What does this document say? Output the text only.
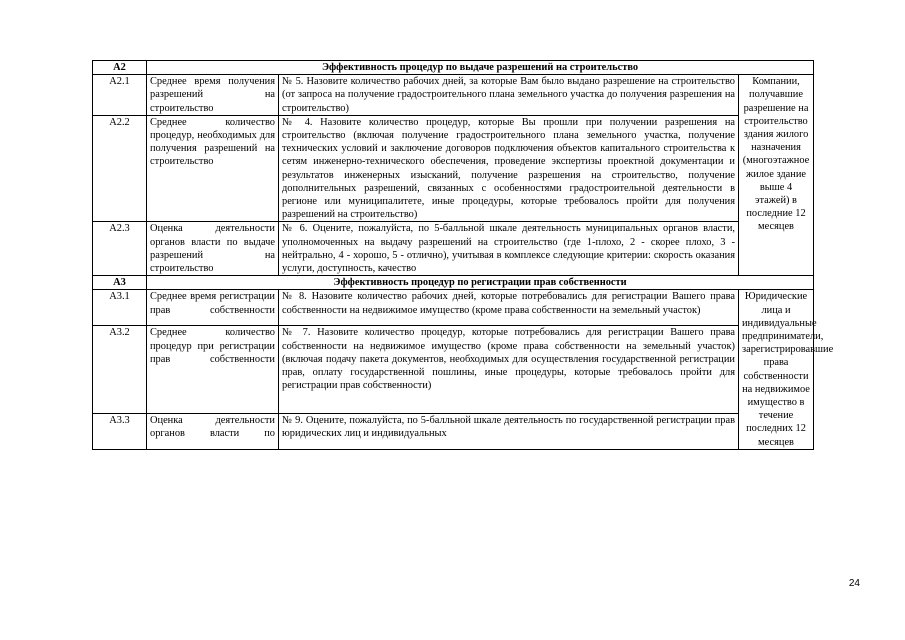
А2	Эффективность процедур по выдаче разрешений на строительство		
А2.1	Среднее время получения разрешений на строительство	№ 5. Назовите количество рабочих дней, за которые Вам было выдано разрешение на строительство (от запроса на получение градостроительного плана земельного участка до получения разрешения на строительство)	Компании, получавшие разрешение на строительство здания жилого назначения (многоэтажное жилое здание выше 4 этажей) в последние 12 месяцев
А2.2	Среднее количество процедур, необходимых для получения разрешений на строительство	№ 4. Назовите количество процедур, которые Вы прошли при получении разрешения на строительство (включая получение градостроительного плана земельного участка, получение технических условий и заключение договоров подключения объектов капитального строительства к сетям инженерно-технического обеспечения, проведение экспертизы проектной документации и результатов инженерных изысканий, получение разрешения на строительство, получение дополнительных разрешений, связанных с особенностями градостроительной деятельности в регионе или муниципалитете, иные процедуры, которые требовалось пройти для получения разрешений на строительство)	
А2.3	Оценка деятельности органов власти по выдаче разрешений на строительство	№ 6. Оцените, пожалуйста, по 5-балльной шкале деятельность муниципальных органов власти, уполномоченных на выдачу разрешений на строительство (где 1-плохо, 2 - скорее плохо, 3 - нейтрально, 4 - хорошо, 5 - отлично), учитывая в комплексе следующие критерии: скорость оказания услуги, доступность, качество	
А3	Эффективность процедур по регистрации прав собственности		
А3.1	Среднее время регистрации прав собственности	№ 8. Назовите количество рабочих дней, которые потребовались для регистрации Вашего права собственности на недвижимое имущество (кроме права собственности на земельный участок)	Юридические лица и индивидуальные предприниматели, зарегистрировавшие права собственности на недвижимое имущество в течение последних 12 месяцев
А3.2	Среднее количество процедур при регистрации прав собственности	№ 7. Назовите количество процедур, которые потребовались для регистрации Вашего права собственности на недвижимое имущество (кроме права собственности на земельный участок) (включая подачу пакета документов, необходимых для осуществления государственной регистрации прав, оплату государственной пошлины, иные процедуры, которые требовалось пройти для регистрации прав собственности)	
А3.3	Оценка деятельности органов власти по	№ 9. Оцените, пожалуйста, по 5-балльной шкале деятельность по государственной регистрации прав юридических лиц и индивидуальных	
24
